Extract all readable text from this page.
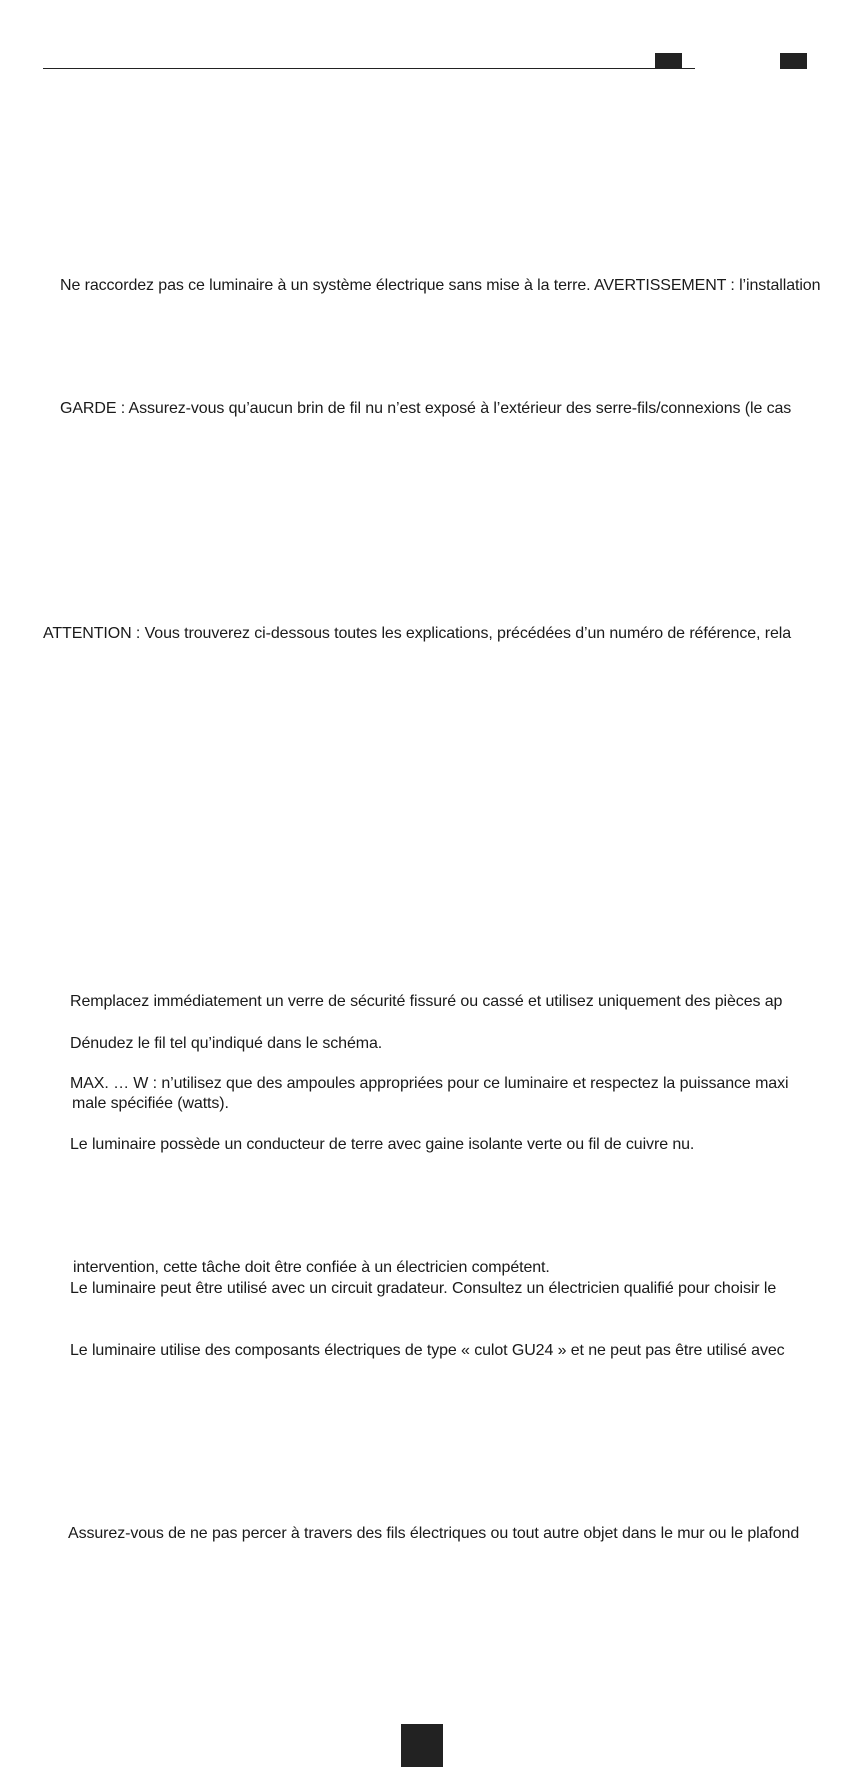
Ne raccordez pas ce luminaire à un système électrique sans mise à la terre. AVERTISSEMENT : l’installation
GARDE : Assurez-vous qu’aucun brin de fil nu n’est exposé à l’extérieur des serre-fils/connexions (le cas
ATTENTION : Vous trouverez ci-dessous toutes les explications, précédées d’un numéro de référence, rela
Remplacez immédiatement un verre de sécurité fissuré ou cassé et utilisez uniquement des pièces ap
Dénudez le fil tel qu’indiqué dans le schéma.
MAX. … W : n’utilisez que des ampoules appropriées pour ce luminaire et respectez la puissance maxi
male spécifiée (watts).
Le luminaire possède un conducteur de terre avec gaine isolante verte ou fil de cuivre nu.
intervention, cette tâche doit être confiée à un électricien compétent.
Le luminaire peut être utilisé avec un circuit gradateur. Consultez un électricien qualifié pour choisir le
Le luminaire utilise des composants électriques de type « culot GU24 » et ne peut pas être utilisé avec
Assurez-vous de ne pas percer à travers des fils électriques ou tout autre objet dans le mur ou le plafond
